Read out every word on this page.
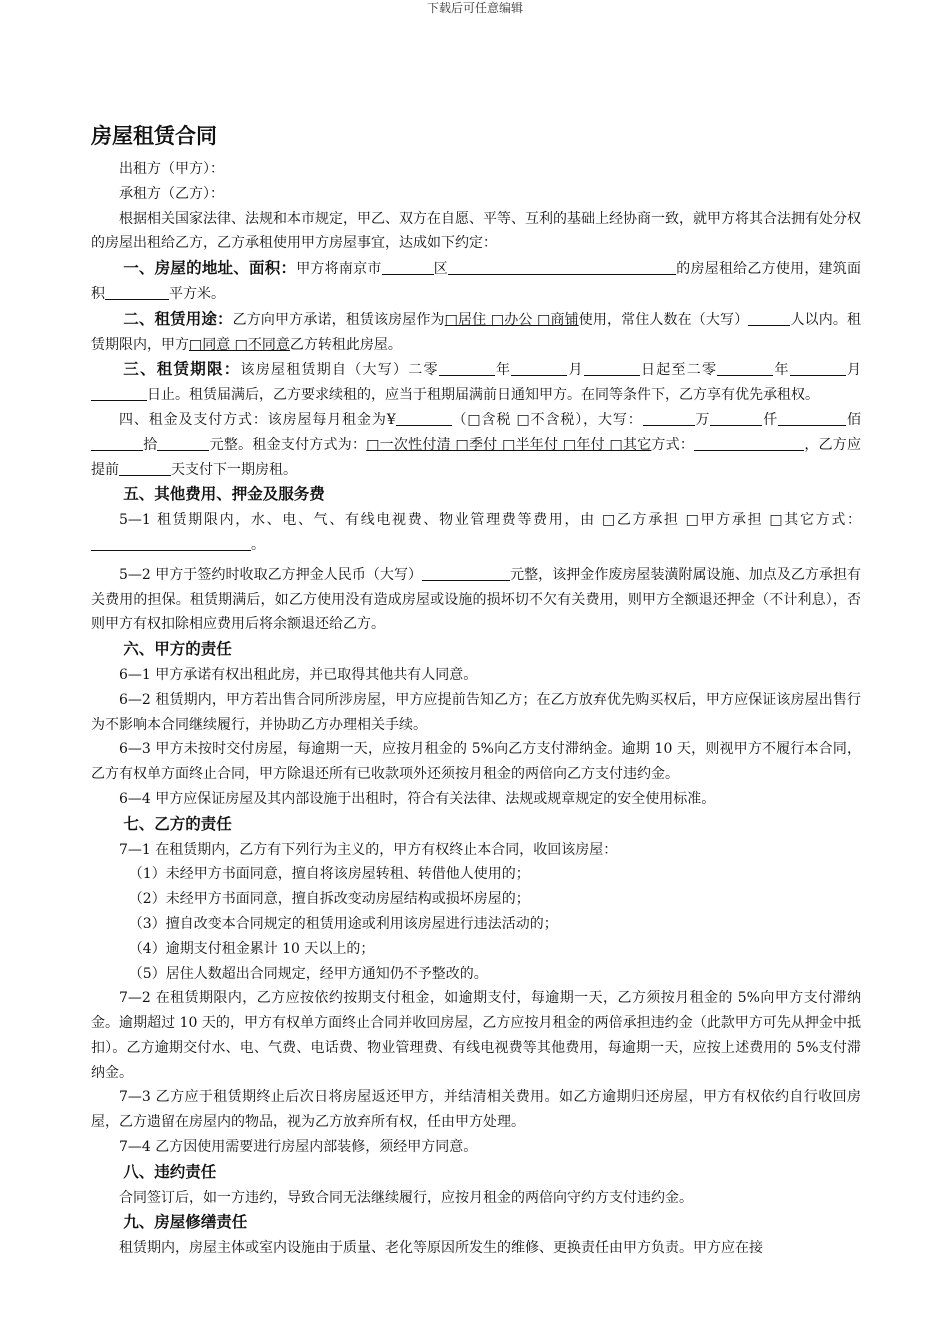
下载后可任意编辑
房屋租赁合同

出租方（甲方）：

承租方（乙方）：

根据相关国家法律、法规和本市规定，甲乙、双方在自愿、平等、互利的基础上经协商一致，就甲方将其合法拥有处分权的房屋出租给乙方，乙方承租使用甲方房屋事宜，达成如下约定：

一、房屋的地址、面积：甲方将南京市	区	的房屋租给乙方使用，建筑面积	平方米。

二、租赁用途：乙方向甲方承诺，租赁该房屋作为□居住 □办公 □商铺使用，常住人数在（大写）	人以内。租赁期限内，甲方□同意 □不同意乙方转租此房屋。

三、租赁期限：该房屋租赁期自（大写）二零	年	月	日起至二零	年	月日止。租赁届满后，乙方要求续租的，应当于租期届满前日通知甲方。在同等条件下，乙方享有优先承租权。

四、租金及支付方式：该房屋每月租金为¥	（□含税 □不含税），大写：	万	仟	佰拾	元整。租金支付方式为：□一次性付清 □季付 □半年付 □年付 □其它方式：	，乙方应提前	天支付下一期房租。

五、其他费用、押金及服务费

5—1 租赁期限内，水、电、气、有线电视费、物业管理费等费用，由 □乙方承担 □甲方承担 □其它方式：。

5—2 甲方于签约时收取乙方押金人民币（大写）	元整，该押金作废房屋装潢附属设施、加点及乙方承担有关费用的担保。租赁期满后，如乙方使用没有造成房屋或设施的损坏切不欠有关费用，则甲方全额退还押金（不计利息），否则甲方有权扣除相应费用后将余额退还给乙方。

六、甲方的责任

6—1 甲方承诺有权出租此房，并已取得其他共有人同意。

6—2 租赁期内，甲方若出售合同所涉房屋，甲方应提前告知乙方；在乙方放弃优先购买权后，甲方应保证该房屋出售行为不影响本合同继续履行，并协助乙方办理相关手续。

6—3 甲方未按时交付房屋，每逾期一天，应按月租金的 5%向乙方支付滞纳金。逾期 10 天，则视甲方不履行本合同，乙方有权单方面终止合同，甲方除退还所有已收款项外还须按月租金的两倍向乙方支付违约金。

6—4 甲方应保证房屋及其内部设施于出租时，符合有关法律、法规或规章规定的安全使用标准。

七、乙方的责任

7—1 在租赁期内，乙方有下列行为主义的，甲方有权终止本合同，收回该房屋：

（1）未经甲方书面同意，擅自将该房屋转租、转借他人使用的；

（2）未经甲方书面同意，擅自拆改变动房屋结构或损坏房屋的；

（3）擅自改变本合同规定的租赁用途或利用该房屋进行违法活动的；

（4）逾期支付租金累计 10 天以上的；

（5）居住人数超出合同规定，经甲方通知仍不予整改的。

7—2 在租赁期限内，乙方应按依约按期支付租金，如逾期支付，每逾期一天，乙方须按月租金的 5%向甲方支付滞纳金。逾期超过 10 天的，甲方有权单方面终止合同并收回房屋，乙方应按月租金的两倍承担违约金（此款甲方可先从押金中抵扣）。乙方逾期交付水、电、气费、电话费、物业管理费、有线电视费等其他费用，每逾期一天，应按上述费用的 5%支付滞纳金。

7—3 乙方应于租赁期终止后次日将房屋返还甲方，并结清相关费用。如乙方逾期归还房屋，甲方有权依约自行收回房屋，乙方遗留在房屋内的物品，视为乙方放弃所有权，任由甲方处理。

7—4 乙方因使用需要进行房屋内部装修，须经甲方同意。

八、违约责任

合同签订后，如一方违约，导致合同无法继续履行，应按月租金的两倍向守约方支付违约金。

九、房屋修缮责任

租赁期内，房屋主体或室内设施由于质量、老化等原因所发生的维修、更换责任由甲方负责。甲方应在接
